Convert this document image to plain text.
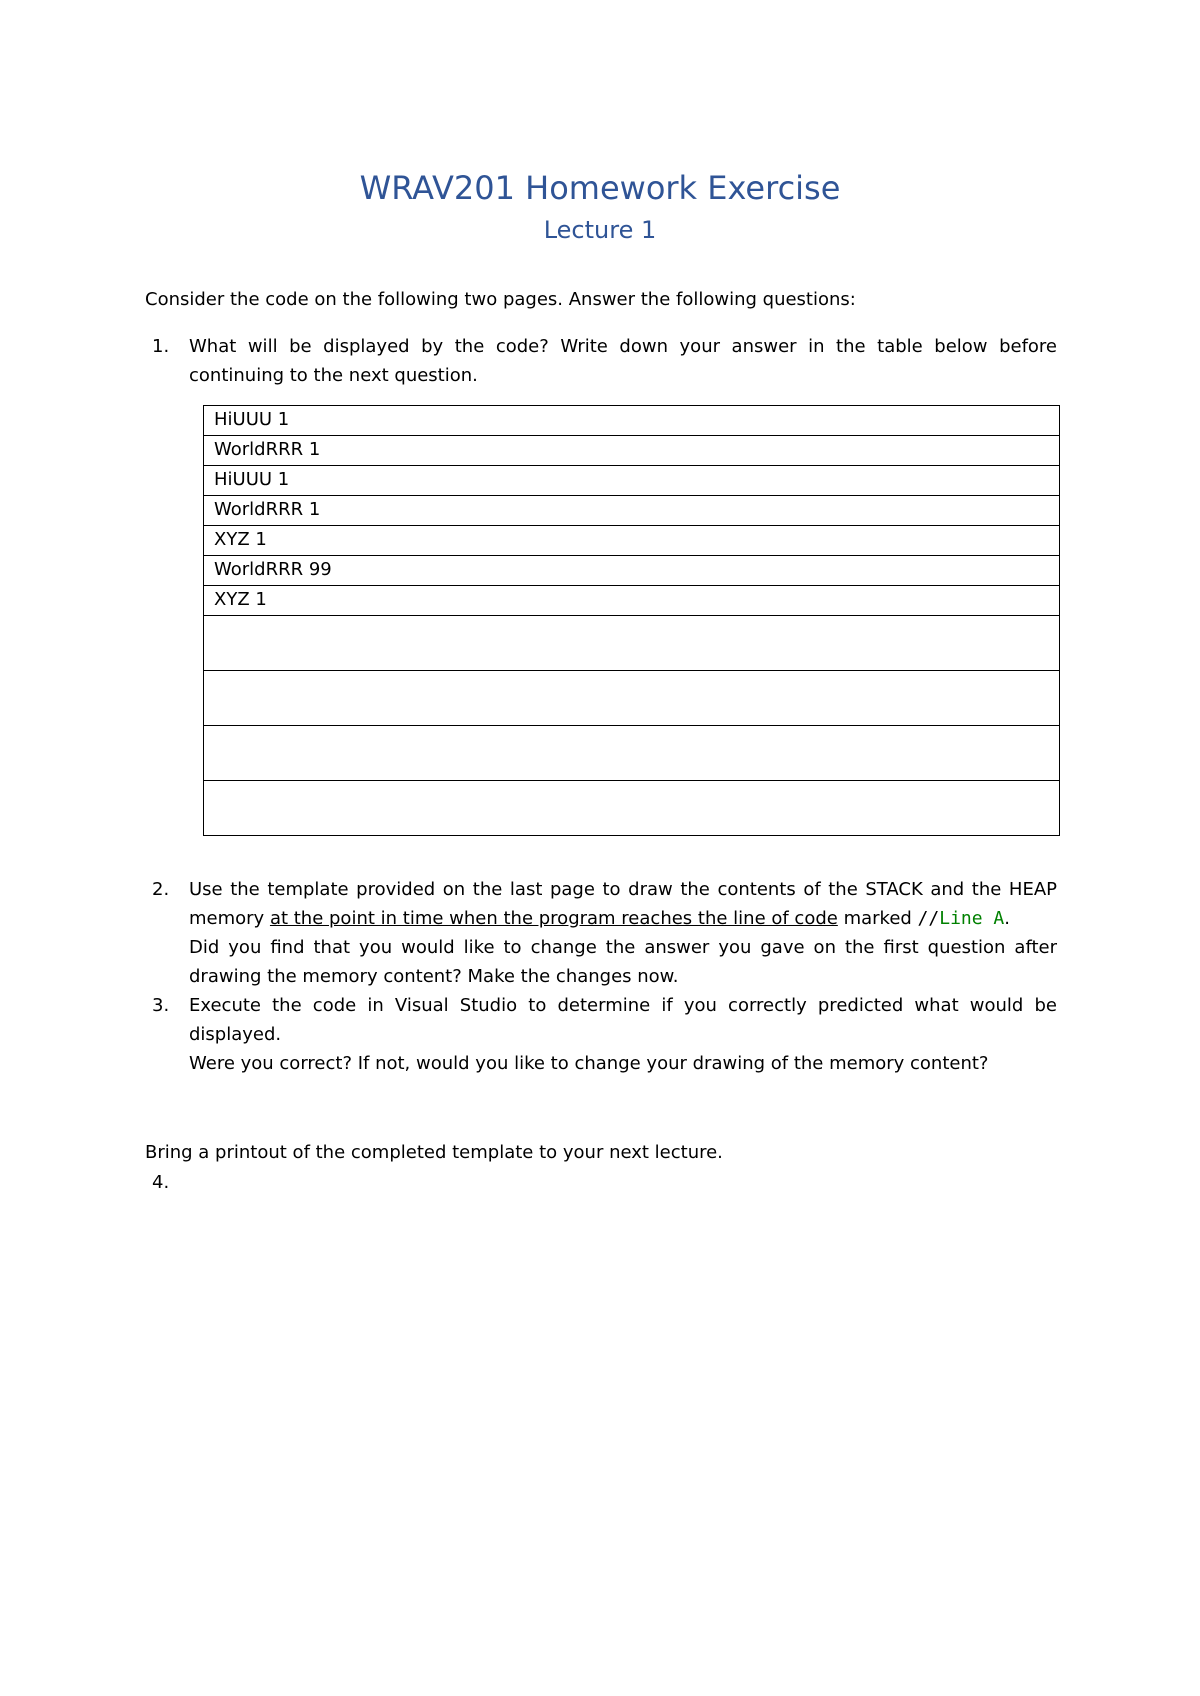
WRAV201 Homework Exercise
Lecture 1
Consider the code on the following two pages. Answer the following questions:
1. What will be displayed by the code? Write down your answer in the table below before continuing to the next question.
HiUUU 1
WorldRRR 1
HiUUU 1
WorldRRR 1
XYZ 1
WorldRRR 99
XYZ 1

2. Use the template provided on the last page to draw the contents of the STACK and the HEAP memory at the point in time when the program reaches the line of code marked //Line A.

Did you find that you would like to change the answer you gave on the first question after drawing the memory content? Make the changes now.

3. Execute the code in Visual Studio to determine if you correctly predicted what would be displayed.

Were you correct? If not, would you like to change your drawing of the memory content?

Bring a printout of the completed template to your next lecture.
4.
